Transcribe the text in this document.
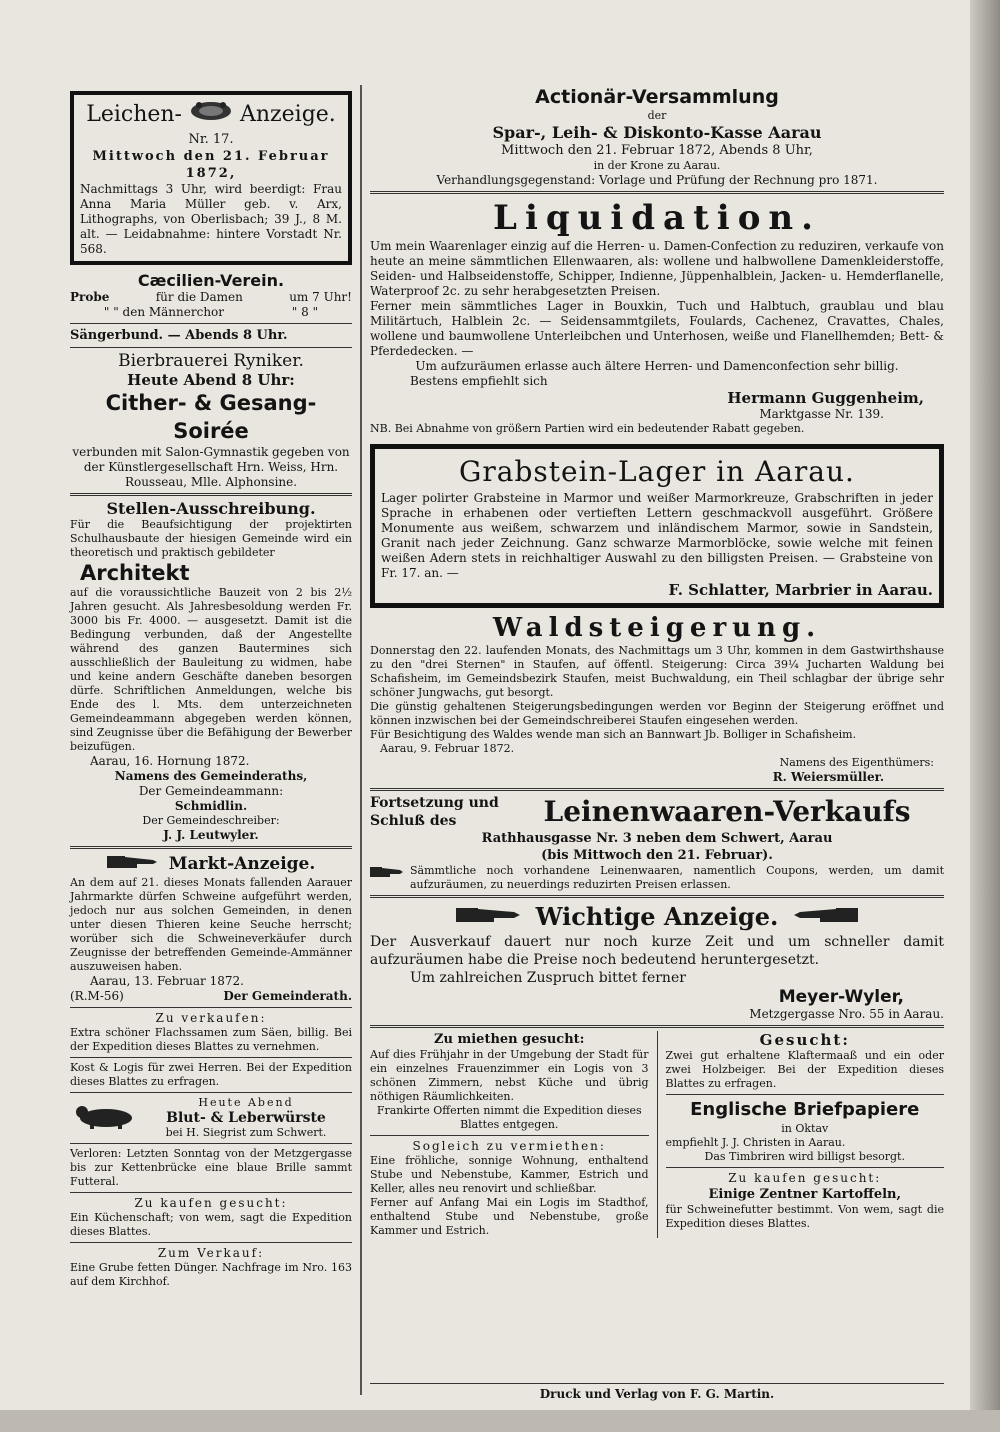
Leichen-	Anzeige.
Nr. 17.
Mittwoch den 21. Februar 1872,

Nachmittags 3 Uhr, wird beerdigt: Frau Anna Maria Müller geb. v. Arx, Lithographs, von Oberlisbach; 39 J., 8 M. alt. — Leidabnahme: hintere Vorstadt Nr. 568.

Cæcilien-Verein.
Probe	für die Damen	um 7 Uhr!
" " den Männerchor	" 8 "
Sängerbund. — Abends 8 Uhr.
Bierbrauerei Ryniker.
Heute Abend 8 Uhr:
Cither- & Gesang-Soirée

verbunden mit Salon-Gymnastik gegeben von der Künstlergesellschaft Hrn. Weiss, Hrn. Rousseau, Mlle. Alphonsine.

Stellen-Ausschreibung.

Für die Beaufsichtigung der projektirten Schulhausbaute der hiesigen Gemeinde wird ein theoretisch und praktisch gebildeter

Architekt

auf die voraussichtliche Bauzeit von 2 bis 2½ Jahren gesucht. Als Jahresbesoldung werden Fr. 3000 bis Fr. 4000. — ausgesetzt. Damit ist die Bedingung verbunden, daß der Angestellte während des ganzen Bautermines sich ausschließlich der Bauleitung zu widmen, habe und keine andern Geschäfte daneben besorgen dürfe. Schriftlichen Anmeldungen, welche bis Ende des l. Mts. dem unterzeichneten Gemeindeammann abgegeben werden können, sind Zeugnisse über die Befähigung der Bewerber beizufügen.

Aarau, 16. Hornung 1872.
Namens des Gemeinderaths,
Der Gemeindeammann:
Schmidlin.
Der Gemeindeschreiber:
J. J. Leutwyler.
Markt-Anzeige.

An dem auf 21. dieses Monats fallenden Aarauer Jahrmarkte dürfen Schweine aufgeführt werden, jedoch nur aus solchen Gemeinden, in denen unter diesen Thieren keine Seuche herrscht; worüber sich die Schweineverkäufer durch Zeugnisse der betreffenden Gemeinde-Ammänner auszuweisen haben.

Aarau, 13. Februar 1872.
(R.M-56)	Der Gemeinderath.
Zu verkaufen:

Extra schöner Flachssamen zum Säen, billig. Bei der Expedition dieses Blattes zu vernehmen.

Kost & Logis für zwei Herren. Bei der Expedition dieses Blattes zu erfragen.

Heute Abend
Blut- & Leberwürste
bei H. Siegrist zum Schwert.

Verloren: Letzten Sonntag von der Metzgergasse bis zur Kettenbrücke eine blaue Brille sammt Futteral.

Zu kaufen gesucht:

Ein Küchenschaft; von wem, sagt die Expedition dieses Blattes.

Zum Verkauf:

Eine Grube fetten Dünger. Nachfrage im Nro. 163 auf dem Kirchhof.

Actionär-Versammlung
der
Spar-, Leih- & Diskonto-Kasse Aarau
Mittwoch den 21. Februar 1872, Abends 8 Uhr,
in der Krone zu Aarau.
Verhandlungsgegenstand: Vorlage und Prüfung der Rechnung pro 1871.
Liquidation.

Um mein Waarenlager einzig auf die Herren- u. Damen-Confection zu reduziren, verkaufe von heute an meine sämmtlichen Ellenwaaren, als: wollene und halbwollene Damenkleiderstoffe, Seiden- und Halbseidenstoffe, Schipper, Indienne, Jüppenhalblein, Jacken- u. Hemderflanelle, Waterproof 2c. zu sehr herabgesetzten Preisen.

Ferner mein sämmtliches Lager in Bouxkin, Tuch und Halbtuch, graublau und blau Militärtuch, Halblein 2c. — Seidensammtgilets, Foulards, Cachenez, Cravattes, Chales, wollene und baumwollene Unterleibchen und Unterhosen, weiße und Flanellhemden; Bett- & Pferdedecken. —

Um aufzuräumen erlasse auch ältere Herren- und Damenconfection sehr billig.

Bestens empfiehlt sich

Hermann Guggenheim,
Marktgasse Nr. 139.

NB. Bei Abnahme von größern Partien wird ein bedeutender Rabatt gegeben.

Grabstein-Lager in Aarau.

Lager polirter Grabsteine in Marmor und weißer Marmorkreuze, Grabschriften in jeder Sprache in erhabenen oder vertieften Lettern geschmackvoll ausgeführt. Größere Monumente aus weißem, schwarzem und inländischem Marmor, sowie in Sandstein, Granit nach jeder Zeichnung. Ganz schwarze Marmorblöcke, sowie welche mit feinen weißen Adern stets in reichhaltiger Auswahl zu den billigsten Preisen. — Grabsteine von Fr. 17. an. —

F. Schlatter, Marbrier in Aarau.
Waldsteigerung.

Donnerstag den 22. laufenden Monats, des Nachmittags um 3 Uhr, kommen in dem Gastwirthshause zu den "drei Sternen" in Staufen, auf öffentl. Steigerung: Circa 39¼ Jucharten Waldung bei Schafisheim, im Gemeindsbezirk Staufen, meist Buchwaldung, ein Theil schlagbar der übrige sehr schöner Jungwachs, gut besorgt.

Die günstig gehaltenen Steigerungsbedingungen werden vor Beginn der Steigerung eröffnet und können inzwischen bei der Gemeindschreiberei Staufen eingesehen werden.

Für Besichtigung des Waldes wende man sich an Bannwart Jb. Bolliger in Schafisheim.

Aarau, 9. Februar 1872.

Namens des Eigenthümers:
R. Weiersmüller.
Fortsetzung und
Schluß des	Leinenwaaren-Verkaufs
Rathhausgasse Nr. 3 neben dem Schwert, Aarau
(bis Mittwoch den 21. Februar).

Sämmtliche noch vorhandene Leinenwaaren, namentlich Coupons, werden, um damit aufzuräumen, zu neuerdings reduzirten Preisen erlassen.

Wichtige Anzeige.

Der Ausverkauf dauert nur noch kurze Zeit und um schneller damit aufzuräumen habe die Preise noch bedeutend heruntergesetzt.

Um zahlreichen Zuspruch bittet ferner

Meyer-Wyler,
Metzgergasse Nro. 55 in Aarau.
Zu miethen gesucht:

Auf dies Frühjahr in der Umgebung der Stadt für ein einzelnes Frauenzimmer ein Logis von 3 schönen Zimmern, nebst Küche und übrig nöthigen Räumlichkeiten.

Frankirte Offerten nimmt die Expedition dieses Blattes entgegen.

Sogleich zu vermiethen:

Eine fröhliche, sonnige Wohnung, enthaltend Stube und Nebenstube, Kammer, Estrich und Keller, alles neu renovirt und schließbar.

Ferner auf Anfang Mai ein Logis im Stadthof, enthaltend Stube und Nebenstube, große Kammer und Estrich.

Gesucht:

Zwei gut erhaltene Klaftermaaß und ein oder zwei Holzbeiger. Bei der Expedition dieses Blattes zu erfragen.

Englische Briefpapiere
in Oktav
empfiehlt J. J. Christen in Aarau.
Das Timbriren wird billigst besorgt.
Zu kaufen gesucht:
Einige Zentner Kartoffeln,

für Schweinefutter bestimmt. Von wem, sagt die Expedition dieses Blattes.

Druck und Verlag von F. G. Martin.
